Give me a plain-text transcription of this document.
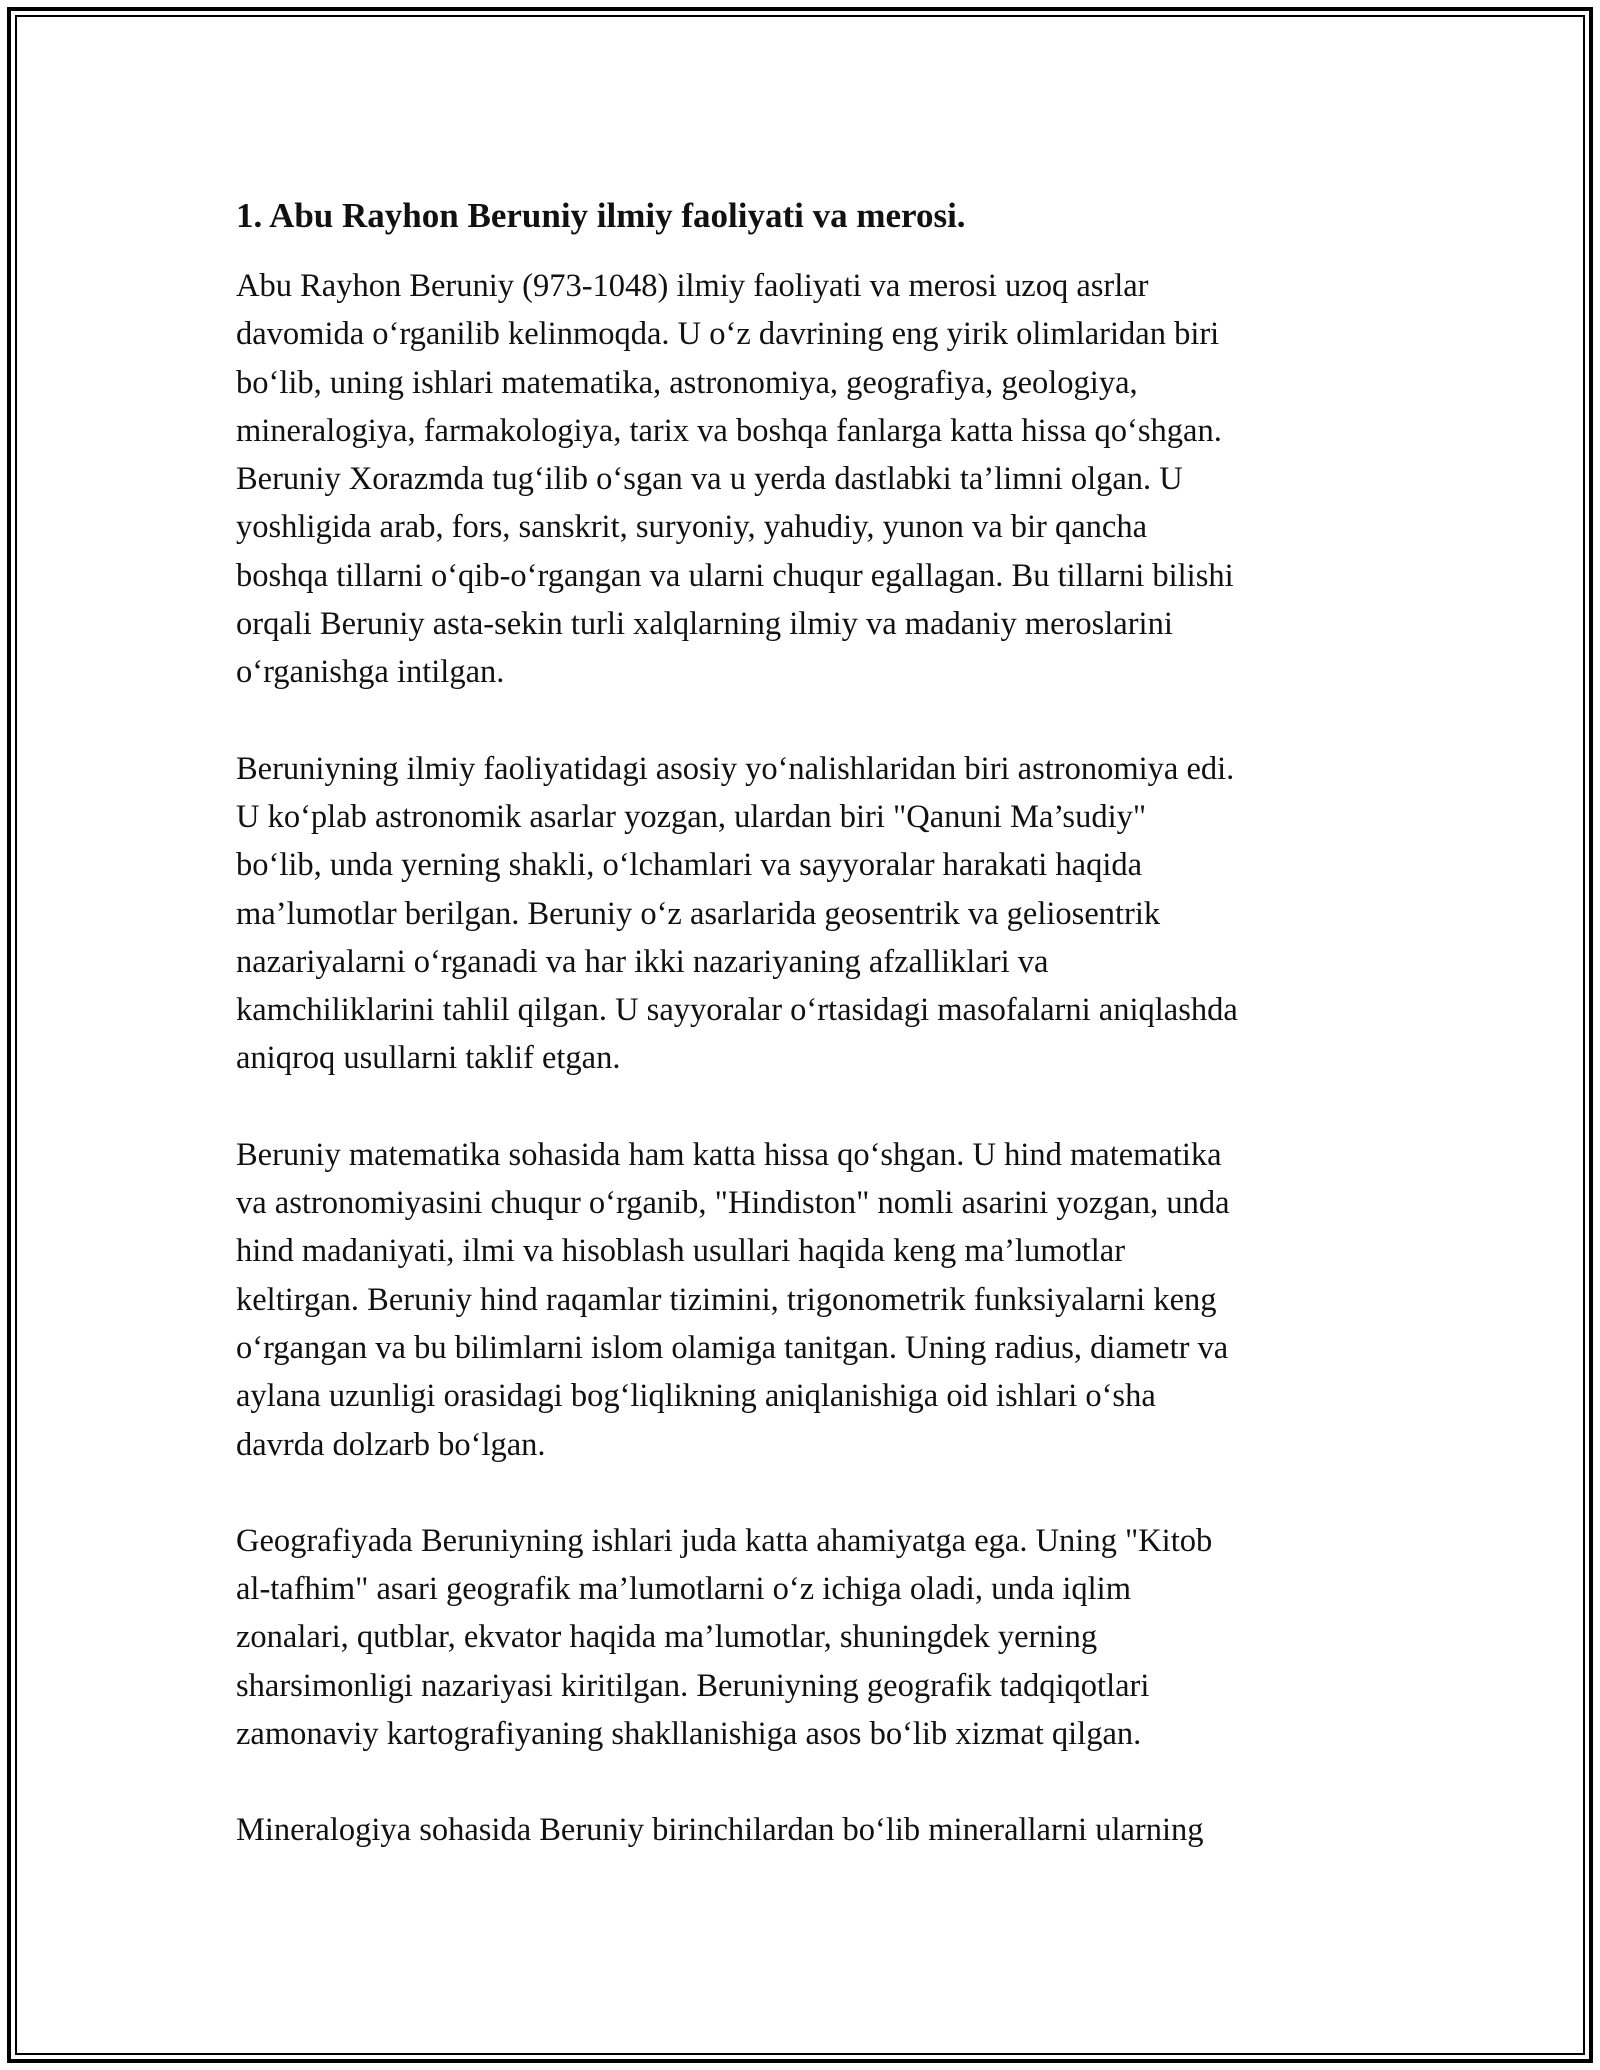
1. Abu Rayhon Beruniy ilmiy faoliyati va merosi.

Abu Rayhon Beruniy (973-1048) ilmiy faoliyati va merosi uzoq asrlar
davomida o‘rganilib kelinmoqda. U o‘z davrining eng yirik olimlaridan biri
bo‘lib, uning ishlari matematika, astronomiya, geografiya, geologiya,
mineralogiya, farmakologiya, tarix va boshqa fanlarga katta hissa qo‘shgan.
Beruniy Xorazmda tug‘ilib o‘sgan va u yerda dastlabki ta’limni olgan. U
yoshligida arab, fors, sanskrit, suryoniy, yahudiy, yunon va bir qancha
boshqa tillarni o‘qib-o‘rgangan va ularni chuqur egallagan. Bu tillarni bilishi
orqali Beruniy asta-sekin turli xalqlarning ilmiy va madaniy meroslarini
o‘rganishga intilgan.

Beruniyning ilmiy faoliyatidagi asosiy yo‘nalishlaridan biri astronomiya edi.
U ko‘plab astronomik asarlar yozgan, ulardan biri "Qanuni Ma’sudiy"
bo‘lib, unda yerning shakli, o‘lchamlari va sayyoralar harakati haqida
ma’lumotlar berilgan. Beruniy o‘z asarlarida geosentrik va geliosentrik
nazariyalarni o‘rganadi va har ikki nazariyaning afzalliklari va
kamchiliklarini tahlil qilgan. U sayyoralar o‘rtasidagi masofalarni aniqlashda
aniqroq usullarni taklif etgan.

Beruniy matematika sohasida ham katta hissa qo‘shgan. U hind matematika
va astronomiyasini chuqur o‘rganib, "Hindiston" nomli asarini yozgan, unda
hind madaniyati, ilmi va hisoblash usullari haqida keng ma’lumotlar
keltirgan. Beruniy hind raqamlar tizimini, trigonometrik funksiyalarni keng
o‘rgangan va bu bilimlarni islom olamiga tanitgan. Uning radius, diametr va
aylana uzunligi orasidagi bog‘liqlikning aniqlanishiga oid ishlari o‘sha
davrda dolzarb bo‘lgan.

Geografiyada Beruniyning ishlari juda katta ahamiyatga ega. Uning "Kitob
al-tafhim" asari geografik ma’lumotlarni o‘z ichiga oladi, unda iqlim
zonalari, qutblar, ekvator haqida ma’lumotlar, shuningdek yerning
sharsimonligi nazariyasi kiritilgan. Beruniyning geografik tadqiqotlari
zamonaviy kartografiyaning shakllanishiga asos bo‘lib xizmat qilgan.

Mineralogiya sohasida Beruniy birinchilardan bo‘lib minerallarni ularning
